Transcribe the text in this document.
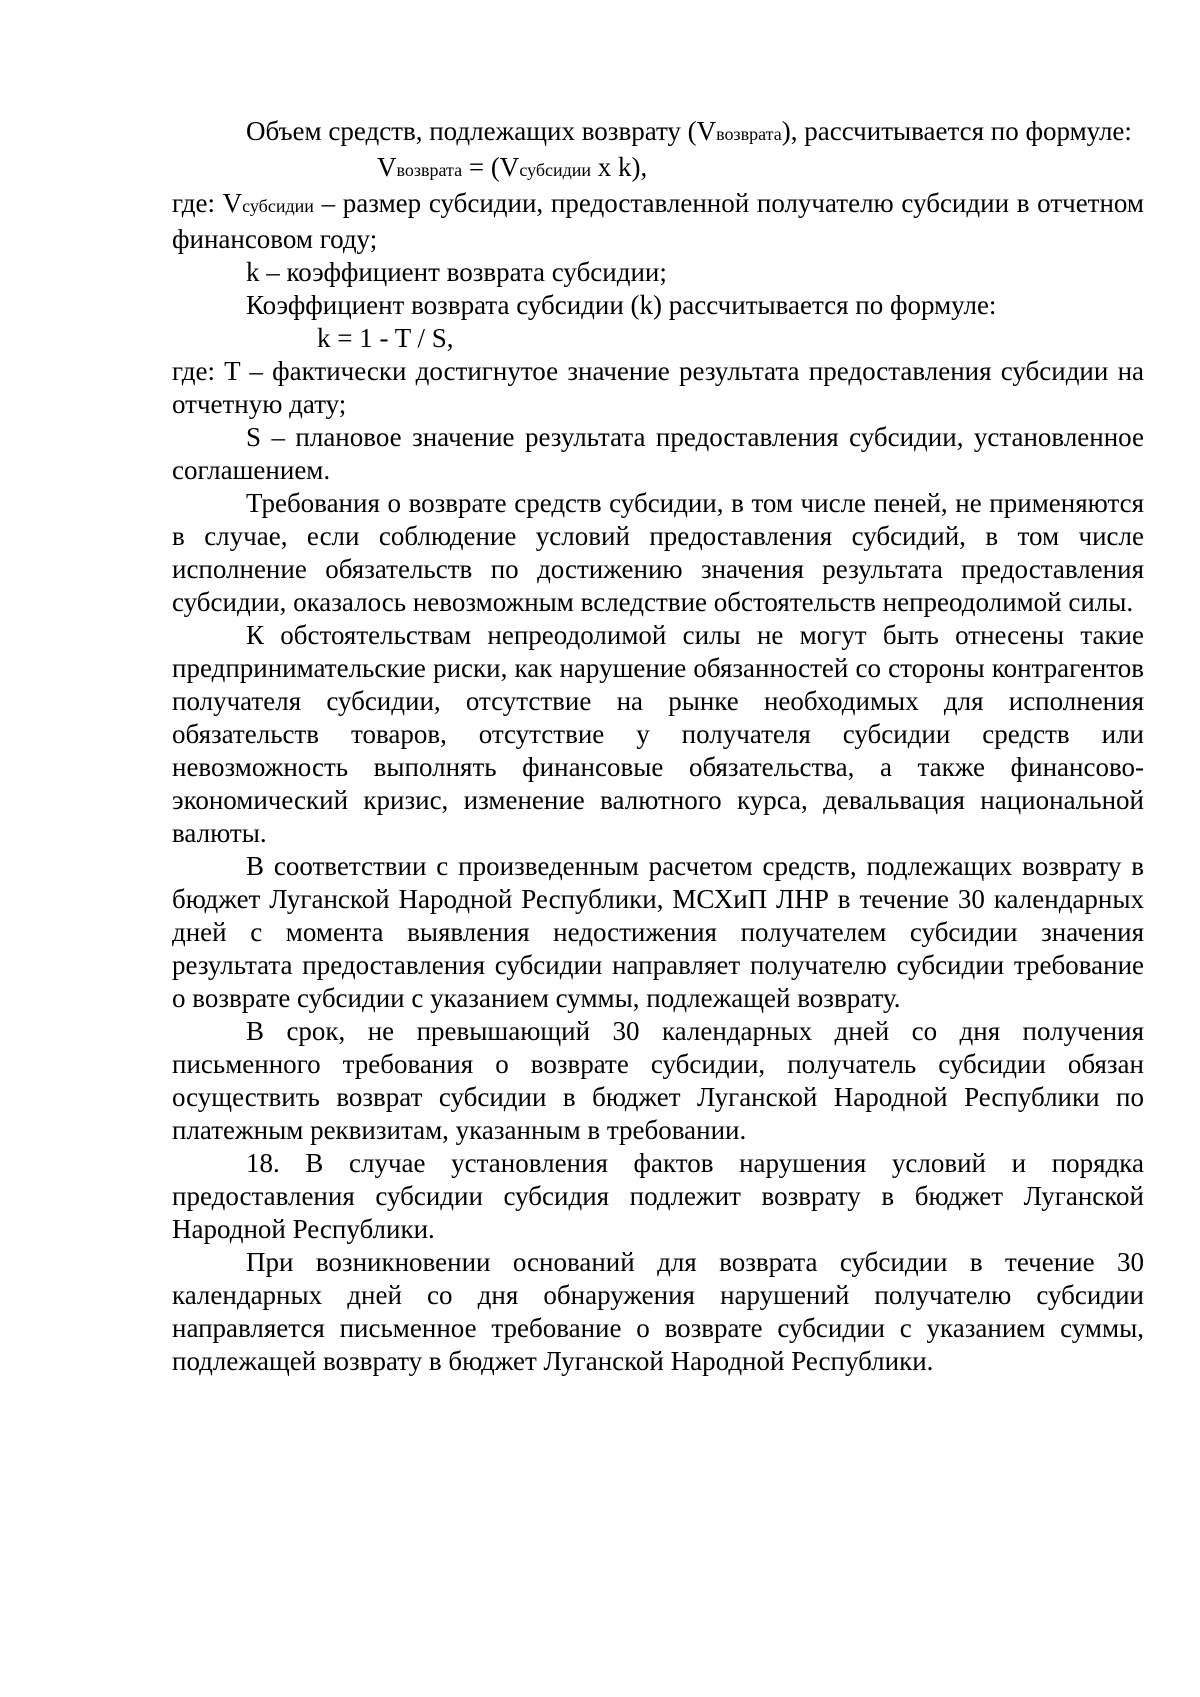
Объем средств, подлежащих возврату (Vвозврата), рассчитывается по формуле:

Vвозврата = (Vсубсидии x k),

где: Vсубсидии – размер субсидии, предоставленной получателю субсидии в отчетном финансовом году;

k – коэффициент возврата субсидии;

Коэффициент возврата субсидии (k) рассчитывается по формуле:

k = 1 - T / S,

где: T – фактически достигнутое значение результата предоставления субсидии на отчетную дату;

S – плановое значение результата предоставления субсидии, установленное соглашением.

Требования о возврате средств субсидии, в том числе пеней, не применяются в случае, если соблюдение условий предоставления субсидий, в том числе исполнение обязательств по достижению значения результата предоставления субсидии, оказалось невозможным вследствие обстоятельств непреодолимой силы.

К обстоятельствам непреодолимой силы не могут быть отнесены такие предпринимательские риски, как нарушение обязанностей со стороны контрагентов получателя субсидии, отсутствие на рынке необходимых для исполнения обязательств товаров, отсутствие у получателя субсидии средств или невозможность выполнять финансовые обязательства, а также финансово-экономический кризис, изменение валютного курса, девальвация национальной валюты.

В соответствии с произведенным расчетом средств, подлежащих возврату в бюджет Луганской Народной Республики, МСХиП ЛНР в течение 30 календарных дней с момента выявления недостижения получателем субсидии значения результата предоставления субсидии направляет получателю субсидии требование о возврате субсидии с указанием суммы, подлежащей возврату.

В срок, не превышающий 30 календарных дней со дня получения письменного требования о возврате субсидии, получатель субсидии обязан осуществить возврат субсидии в бюджет Луганской Народной Республики по платежным реквизитам, указанным в требовании.

18. В случае установления фактов нарушения условий и порядка предоставления субсидии субсидия подлежит возврату в бюджет Луганской Народной Республики.

При возникновении оснований для возврата субсидии в течение 30 календарных дней со дня обнаружения нарушений получателю субсидии направляется письменное требование о возврате субсидии с указанием суммы, подлежащей возврату в бюджет Луганской Народной Республики.
